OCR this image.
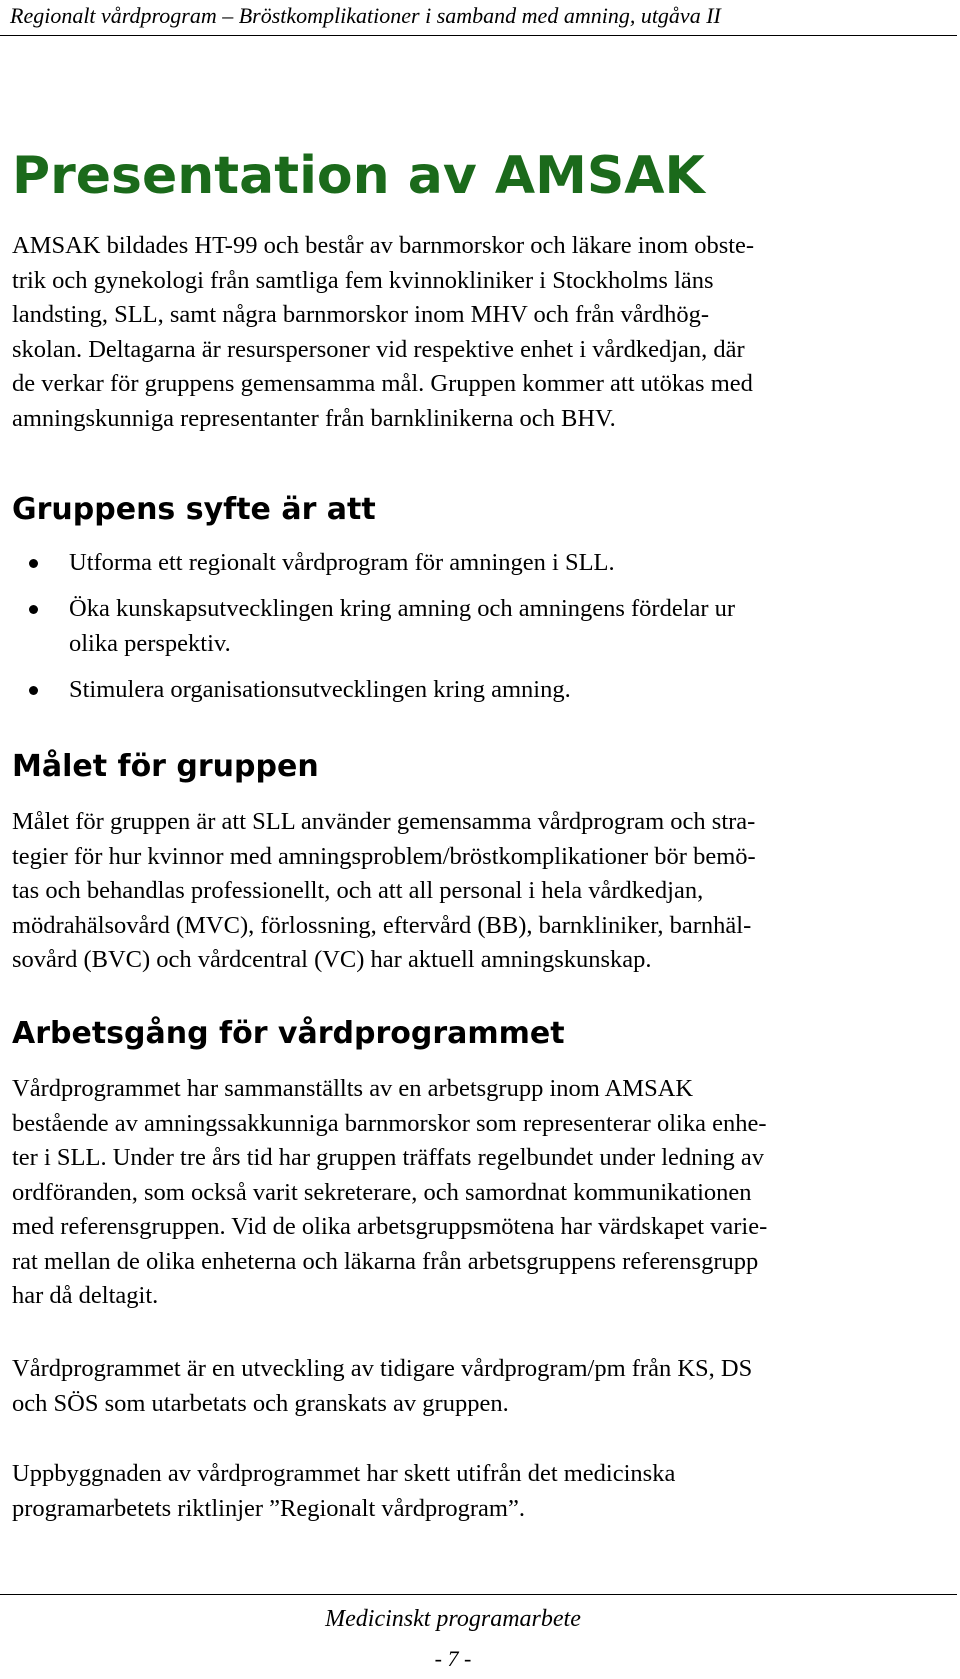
Regionalt vårdprogram – Bröstkomplikationer i samband med amning, utgåva II
Presentation av AMSAK

AMSAK bildades HT-99 och består av barnmorskor och läkare inom obste-
trik och gynekologi från samtliga fem kvinnokliniker i Stockholms läns
landsting, SLL, samt några barnmorskor inom MHV och från vårdhög-
skolan. Deltagarna är resurspersoner vid respektive enhet i vårdkedjan, där
de verkar för gruppens gemensamma mål. Gruppen kommer att utökas med
amningskunniga representanter från barnklinikerna och BHV.

Gruppens syfte är att
Utforma ett regionalt vårdprogram för amningen i SLL.
Öka kunskapsutvecklingen kring amning och amningens fördelar ur
olika perspektiv.
Stimulera organisationsutvecklingen kring amning.
Målet för gruppen

Målet för gruppen är att SLL använder gemensamma vårdprogram och stra-
tegier för hur kvinnor med amningsproblem/bröstkomplikationer bör bemö-
tas och behandlas professionellt, och att all personal i hela vårdkedjan,
mödrahälsovård (MVC), förlossning, eftervård (BB), barnkliniker, barnhäl-
sovård (BVC) och vårdcentral (VC) har aktuell amningskunskap.

Arbetsgång för vårdprogrammet

Vårdprogrammet har sammanställts av en arbetsgrupp inom AMSAK
bestående av amningssakkunniga barnmorskor som representerar olika enhe-
ter i SLL. Under tre års tid har gruppen träffats regelbundet under ledning av
ordföranden, som också varit sekreterare, och samordnat kommunikationen
med referensgruppen. Vid de olika arbetsgruppsmötena har värdskapet varie-
rat mellan de olika enheterna och läkarna från arbetsgruppens referensgrupp
har då deltagit.

Vårdprogrammet är en utveckling av tidigare vårdprogram/pm från KS, DS
och SÖS som utarbetats och granskats av gruppen.

Uppbyggnaden av vårdprogrammet har skett utifrån det medicinska
programarbetets riktlinjer ”Regionalt vårdprogram”.

Medicinskt programarbete
- 7 -
